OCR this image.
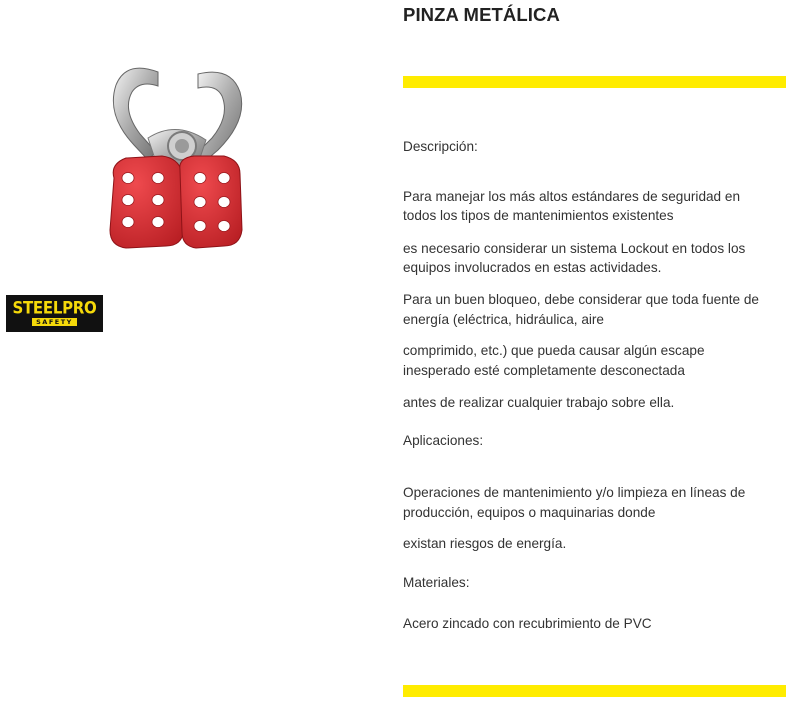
STEELPRO
SAFETY
PINZA METÁLICA

Descripción:

Para manejar los más altos estándares de seguridad en

todos los tipos de mantenimientos existentes

es necesario considerar un sistema Lockout en todos los

equipos involucrados en estas actividades.

Para un buen bloqueo, debe considerar que toda fuente de

energía (eléctrica, hidráulica, aire

comprimido, etc.) que pueda causar algún escape

inesperado esté completamente desconectada

antes de realizar cualquier trabajo sobre ella.

Aplicaciones:

Operaciones de mantenimiento y/o limpieza en líneas de

producción, equipos o maquinarias donde

existan riesgos de energía.

Materiales:

Acero zincado con recubrimiento de PVC
